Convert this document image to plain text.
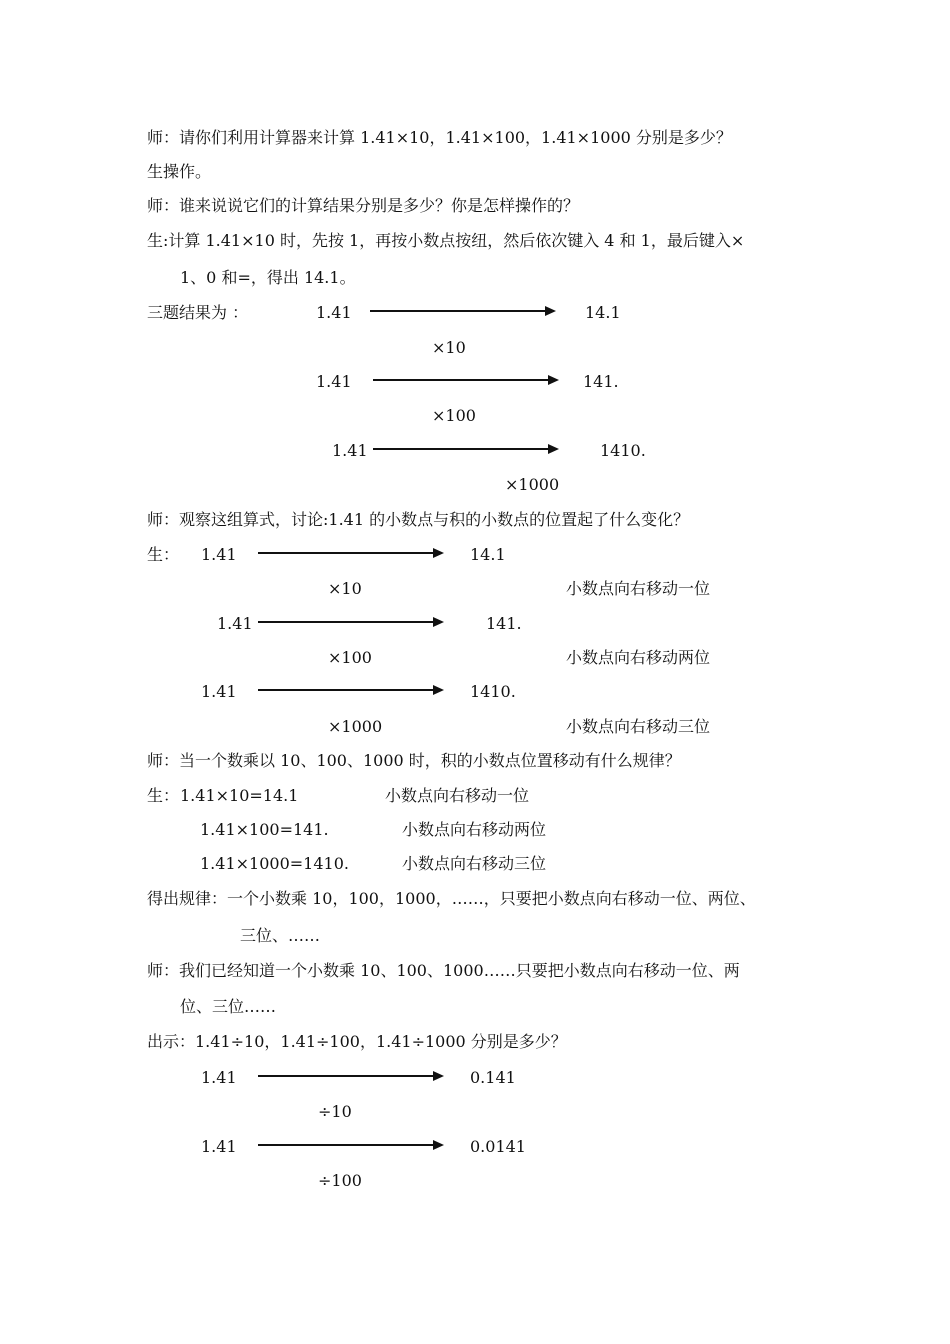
师：请你们利用计算器来计算 1.41×10，1.41×100，1.41×1000 分别是多少？
生操作。
师：谁来说说它们的计算结果分别是多少？你是怎样操作的？
生:计算 1.41×10 时，先按 1，再按小数点按纽，然后依次键入 4 和 1，最后键入×
1、0 和=，得出 14.1。
三题结果为 ：	1.41	14.1
×10
1.41	141.
×100
1.41	1410.
×1000
师：观察这组算式，讨论:1.41 的小数点与积的小数点的位置起了什么变化？
生： 1.41	14.1
×10	小数点向右移动一位
1.41	141.
×100	小数点向右移动两位
1.41	1410.
×1000	小数点向右移动三位
师：当一个数乘以 10、100、1000 时，积的小数点位置移动有什么规律？
生： 1.41×10=14.1	小数点向右移动一位
1.41×100=141.	小数点向右移动两位
1.41×1000=1410.	小数点向右移动三位
得出规律：一个小数乘 10，100，1000，……，只要把小数点向右移动一位、两位、
三位、……
师：我们已经知道一个小数乘 10、100、1000……只要把小数点向右移动一位、两
位、三位……
出示：1.41÷10，1.41÷100，1.41÷1000 分别是多少？
1.41	0.141
÷10
1.41	0.0141
÷100
